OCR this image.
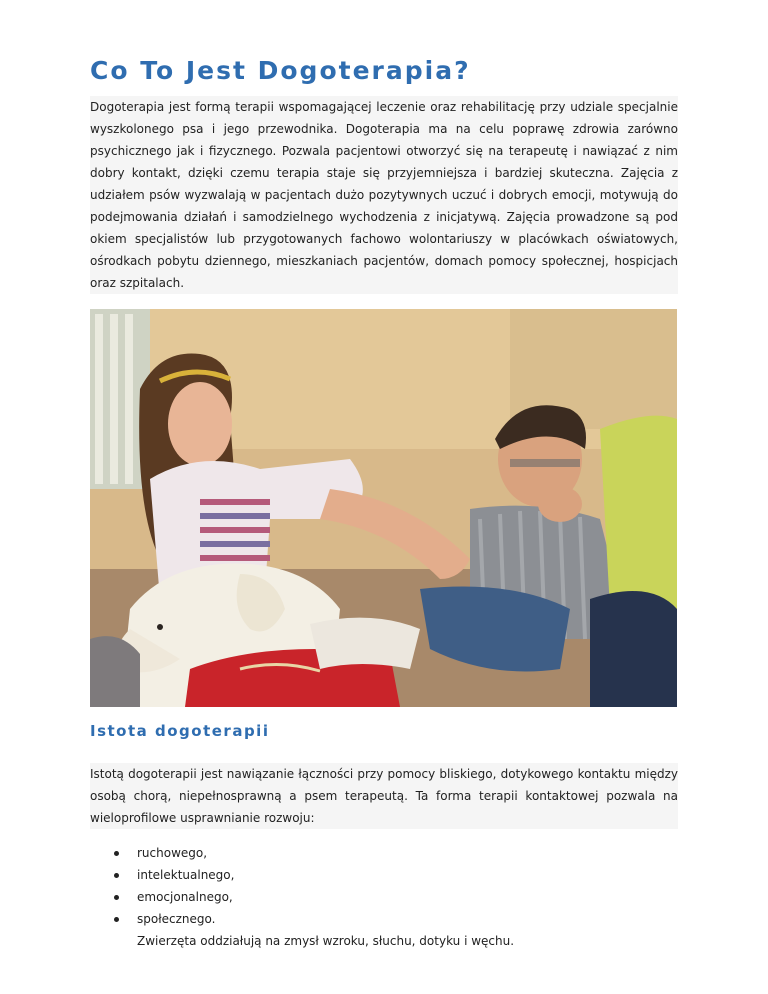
Co To Jest Dogoterapia?

Dogoterapia jest formą terapii wspomagającej leczenie oraz rehabilitację przy udziale specjalnie wyszkolonego psa i jego przewodnika. Dogoterapia ma na celu poprawę zdrowia zarówno psychicznego jak i fizycznego. Pozwala pacjentowi otworzyć się na terapeutę i nawiązać z nim dobry kontakt, dzięki czemu terapia staje się przyjemniejsza i bardziej skuteczna. Zajęcia z udziałem psów wyzwalają w pacjentach dużo pozytywnych uczuć i dobrych emocji, motywują do podejmowania działań i samodzielnego wychodzenia z inicjatywą. Zajęcia prowadzone są pod okiem specjalistów lub przygotowanych fachowo wolontariuszy w placówkach oświatowych, ośrodkach pobytu dziennego, mieszkaniach pacjentów, domach pomocy społecznej, hospicjach oraz szpitalach.

Istota dogoterapii

Istotą dogoterapii jest nawiązanie łączności przy pomocy bliskiego, dotykowego kontaktu między osobą chorą, niepełnosprawną a psem terapeutą. Ta forma terapii kontaktowej pozwala na wieloprofilowe usprawnianie rozwoju:

ruchowego,
intelektualnego,
emocjonalnego,
społecznego.

Zwierzęta oddziałują na zmysł wzroku, słuchu, dotyku i węchu.
